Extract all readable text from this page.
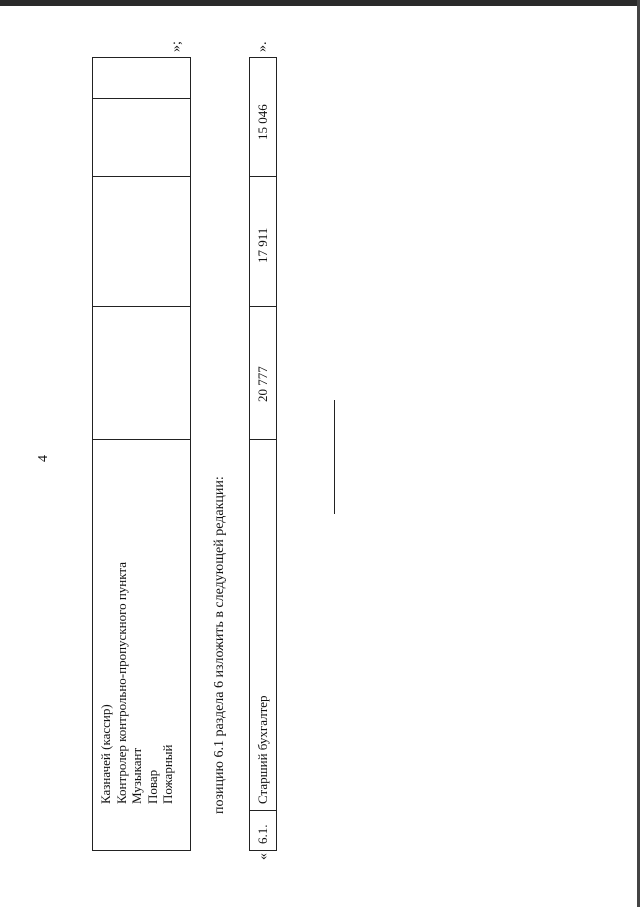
4
Казначей (кассир) Контролер контрольно-пропускного пункта Музыкант Повар Пожарный
»;
позицию 6.1 раздела 6 изложить в следующей редакции:
«
6.1.
Старший бухгалтер
20 777
17 911
15 046
».
